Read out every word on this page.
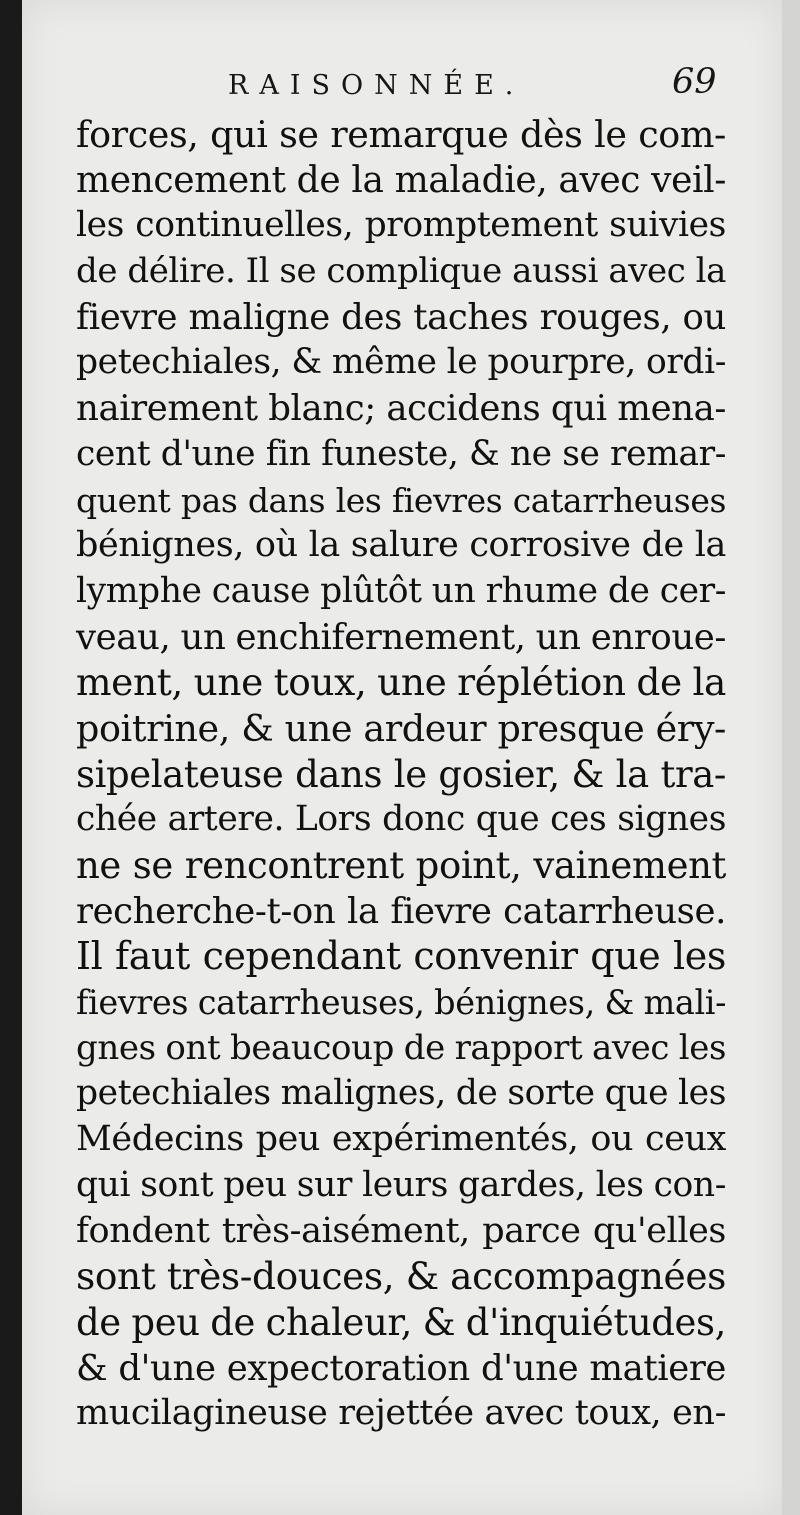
RAISONNÉE.	69
forces, qui se remarque dès le com-
mencement de la maladie, avec veil-
les continuelles, promptement suivies
de délire. Il se complique aussi avec la
fievre maligne des taches rouges, ou
petechiales, & même le pourpre, ordi-
nairement blanc; accidens qui mena-
cent d'une fin funeste, & ne se remar-
quent pas dans les fievres catarrheuses
bénignes, où la salure corrosive de la
lymphe cause plûtôt un rhume de cer-
veau, un enchifernement, un enroue-
ment, une toux, une réplétion de la
poitrine, & une ardeur presque éry-
sipelateuse dans le gosier, & la tra-
chée artere. Lors donc que ces signes
ne se rencontrent point, vainement
recherche-t-on la fievre catarrheuse.
Il faut cependant convenir que les
fievres catarrheuses, bénignes, & mali-
gnes ont beaucoup de rapport avec les
petechiales malignes, de sorte que les
Médecins peu expérimentés, ou ceux
qui sont peu sur leurs gardes, les con-
fondent très-aisément, parce qu'elles
sont très-douces, & accompagnées
de peu de chaleur, & d'inquiétudes,
& d'une expectoration d'une matiere
mucilagineuse rejettée avec toux, en-
